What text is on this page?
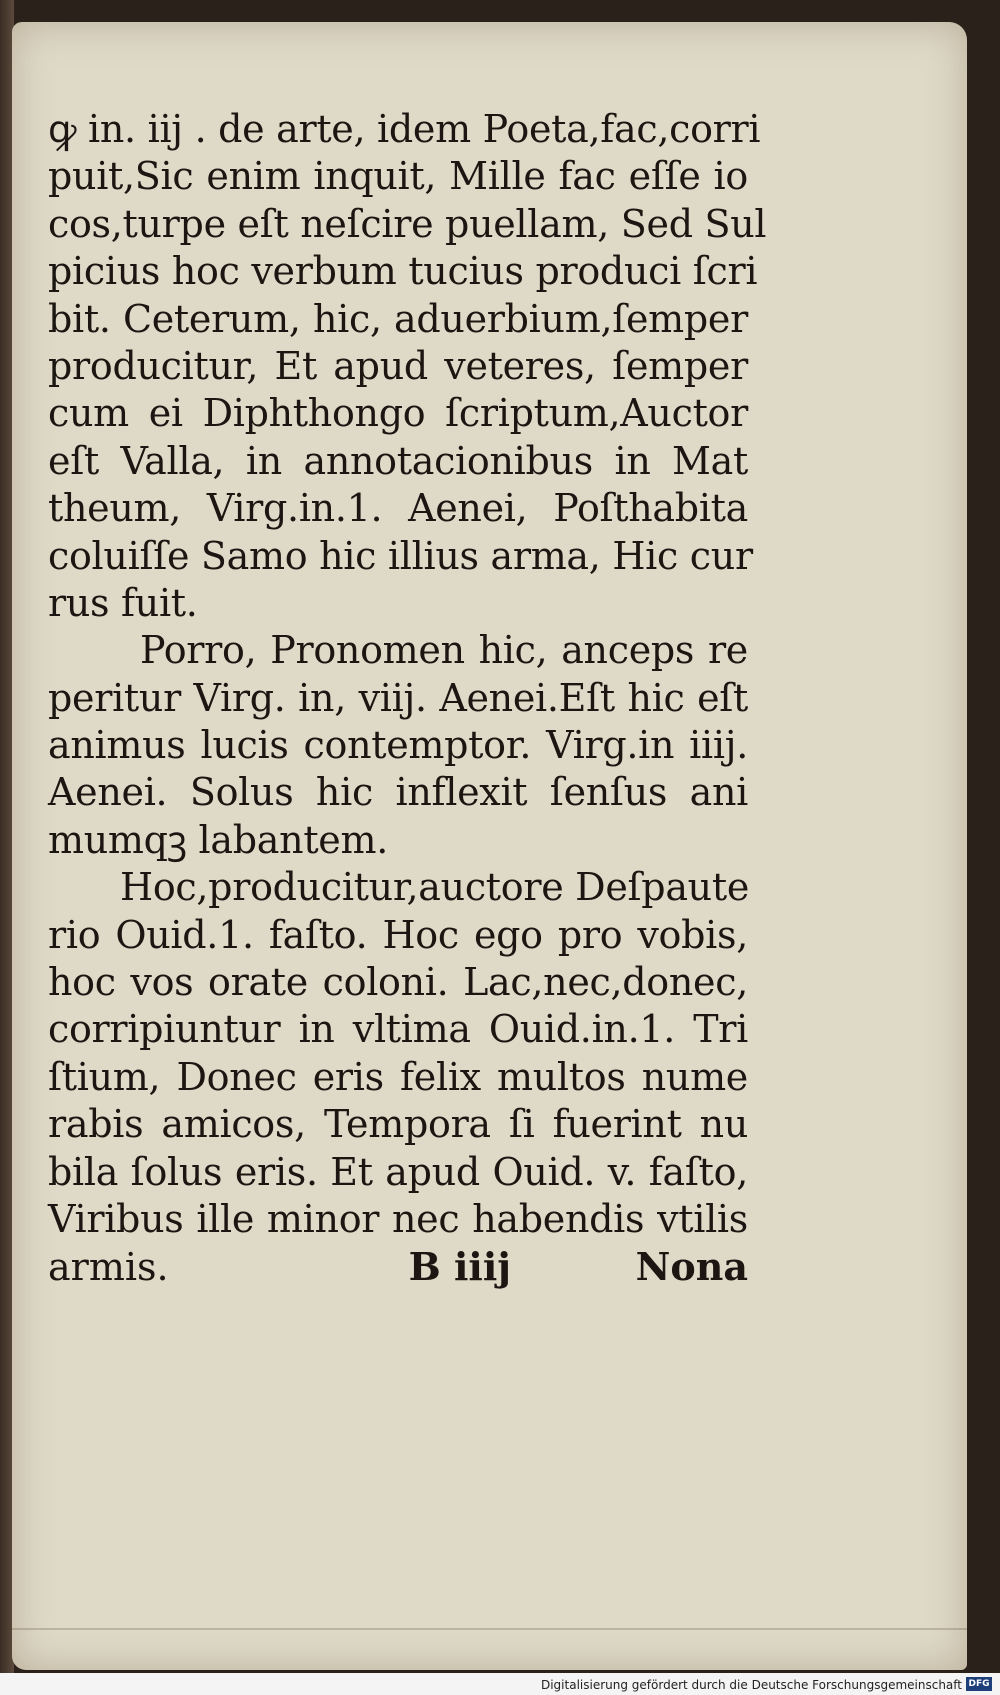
ꝙ in. iij . de arte, idem Poeta,fac,corri
puit,Sic enim inquit, Mille fac eſſe io
cos,turpe eſt neſcire puellam, Sed Sul
picius hoc verbum tucius produci ſcri
bit. Ceterum, hic, aduerbium,ſemper
producitur, Et apud veteres, ſemper
cum ei Diphthongo ſcriptum,Auctor
eſt Valla, in annotacionibus in Mat
theum, Virg.in.1. Aenei, Poſthabita
coluiſſe Samo hic illius arma, Hic cur
rus fuit.
Porro, Pronomen hic, anceps re
peritur Virg. in, viij. Aenei.Eſt hic eſt
animus lucis contemptor. Virg.in iiij.
Aenei. Solus hic inflexit ſenſus ani
mumqꝫ labantem.
Hoc,producitur,auctore Deſpaute
rio Ouid.1. faſto. Hoc ego pro vobis,
hoc vos orate coloni. Lac,nec,donec,
corripiuntur in vltima Ouid.in.1. Tri
ſtium, Donec eris felix multos nume
rabis amicos, Tempora ſi fuerint nu
bila ſolus eris. Et apud Ouid. v. faſto,
Viribus ille minor nec habendis vtilis
armis.	B iiij	Nona
Digitalisierung gefördert durch die Deutsche Forschungsgemeinschaft DFG
